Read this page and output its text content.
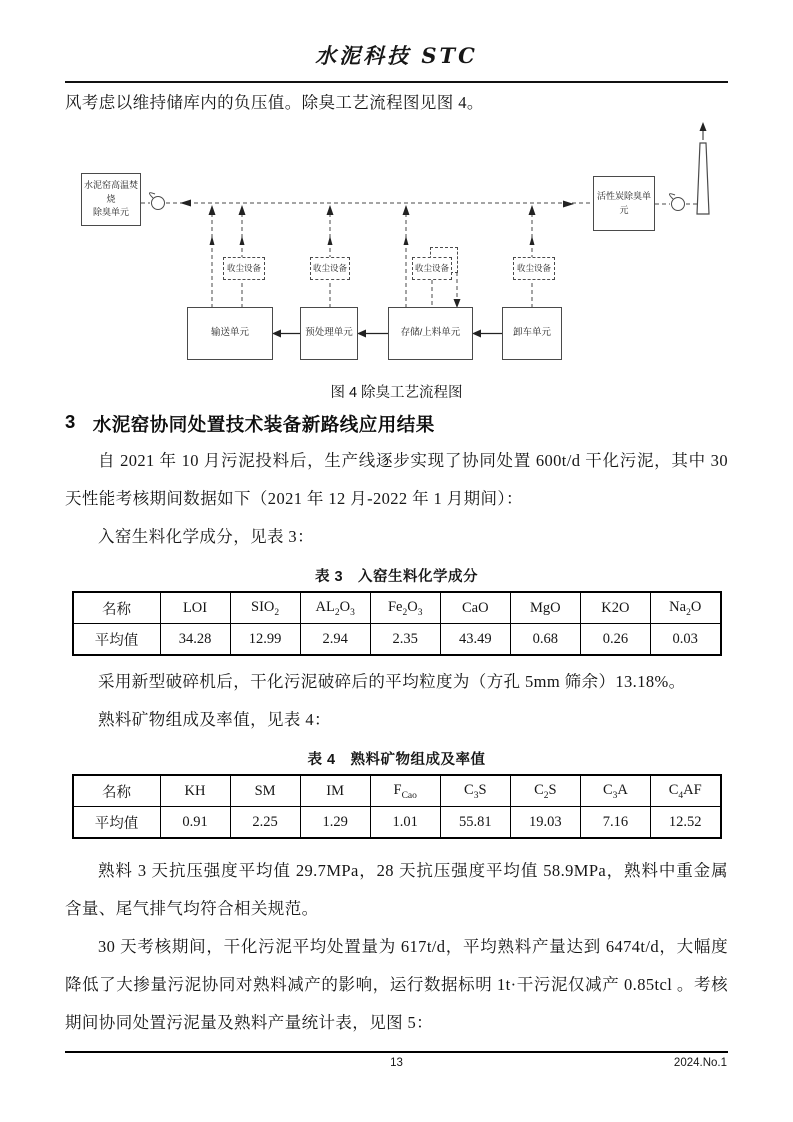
水泥科技 STC

风考虑以维持储库内的负压值。除臭工艺流程图见图 4。

水泥窑高温焚烧
除臭单元
活性炭除臭单元
收尘设备	收尘设备	收尘设备	收尘设备
输送单元	预处理单元	存储/上料单元	卸车单元
图 4 除臭工艺流程图
3 水泥窑协同处置技术装备新路线应用结果

自 2021 年 10 月污泥投料后，生产线逐步实现了协同处置 600t/d 干化污泥，其中 30 天性能考核期间数据如下（2021 年 12 月-2022 年 1 月期间）：

入窑生料化学成分，见表 3：

表 3　入窑生料化学成分
名称	LOI	$SIO_2$	$AL_2O_3$	$Fe_2O_3$	CaO	MgO	K2O	$Na_2O$
平均值	34.28	12.99	2.94	2.35	43.49	0.68	0.26	0.03

采用新型破碎机后，干化污泥破碎后的平均粒度为（方孔 5mm 筛余）13.18%。

熟料矿物组成及率值，见表 4：

表 4　熟料矿物组成及率值
名称	KH	SM	IM	$F_{Cao}$	$C_3S$	$C_2S$	$C_3A$	$C_4AF$
平均值	0.91	2.25	1.29	1.01	55.81	19.03	7.16	12.52

熟料 3 天抗压强度平均值 29.7MPa，28 天抗压强度平均值 58.9MPa，熟料中重金属含量、尾气排气均符合相关规范。

30 天考核期间，干化污泥平均处置量为 617t/d，平均熟料产量达到 6474t/d，大幅度降低了大掺量污泥协同对熟料减产的影响，运行数据标明 1t·干污泥仅减产 0.85tcl 。考核期间协同处置污泥量及熟料产量统计表，见图 5：

13	2024.No.1
